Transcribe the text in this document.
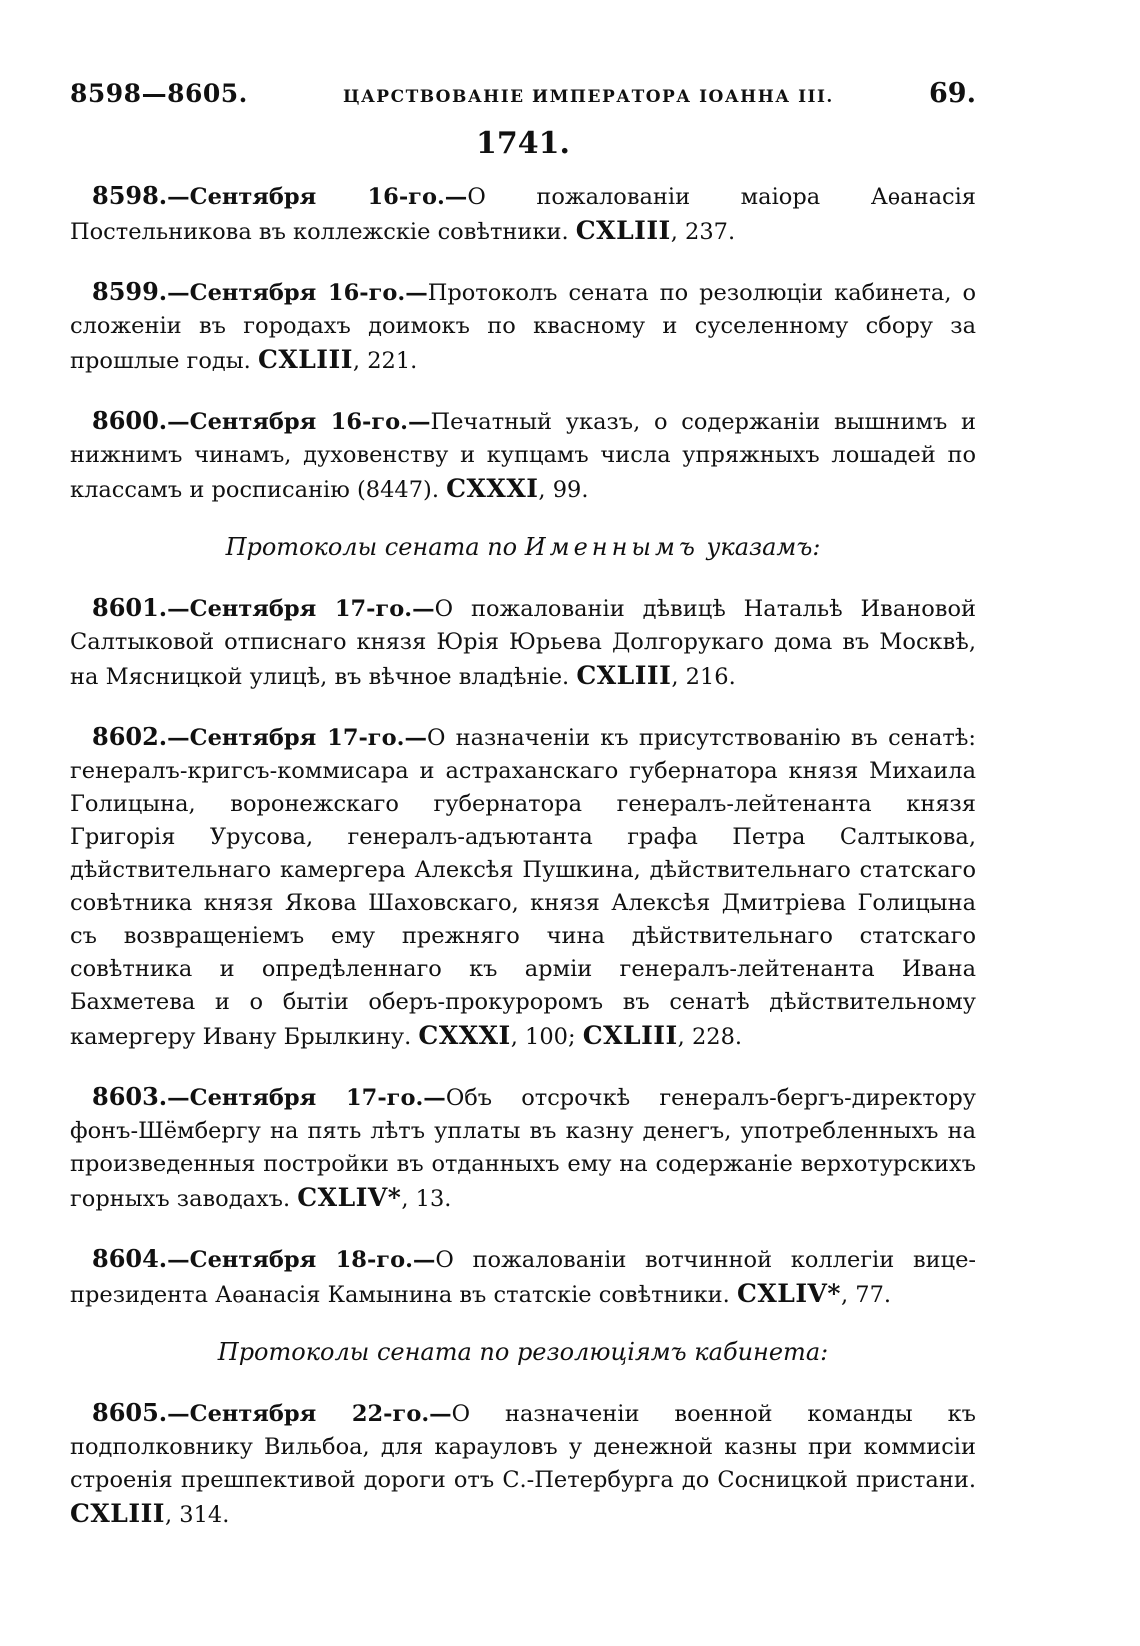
8598—8605.	ЦАРСТВОВАНІЕ ИМПЕРАТОРА ІОАННА III.	69.
1741.

8598.—Сентября 16-го.—О пожалованіи маіора Аѳанасія Постельникова въ коллежскіе совѣтники. CXLIII, 237.

8599.—Сентября 16-го.—Протоколъ сената по резолюціи кабинета, о сложеніи въ городахъ доимокъ по квасному и суселенному сбору за прошлые годы. CXLIII, 221.

8600.—Сентября 16-го.—Печатный указъ, о содержаніи вышнимъ и нижнимъ чинамъ, духовенству и купцамъ числа упряжныхъ лошадей по классамъ и росписанію (8447). CXXXI, 99.

Протоколы сената по Именнымъ указамъ:

8601.—Сентября 17-го.—О пожалованіи дѣвицѣ Натальѣ Ивановой Салтыковой отписнаго князя Юрія Юрьева Долгорукаго дома въ Москвѣ, на Мясницкой улицѣ, въ вѣчное владѣніе. CXLIII, 216.

8602.—Сентября 17-го.—О назначеніи къ присутствованію въ сенатѣ: генералъ-кригсъ-коммисара и астраханскаго губернатора князя Михаила Голицына, воронежскаго губернатора генералъ-лейтенанта князя Григорія Урусова, генералъ-адъютанта графа Петра Салтыкова, дѣйствительнаго камергера Алексѣя Пушкина, дѣйствительнаго статскаго совѣтника князя Якова Шаховскаго, князя Алексѣя Дмитріева Голицына съ возвращеніемъ ему прежняго чина дѣйствительнаго статскаго совѣтника и опредѣленнаго къ арміи генералъ-лейтенанта Ивана Бахметева и о бытіи оберъ-прокуроромъ въ сенатѣ дѣйствительному камергеру Ивану Брылкину. CXXXI, 100; CXLIII, 228.

8603.—Сентября 17-го.—Объ отсрочкѣ генералъ-бергъ-директору фонъ-Шёмбергу на пять лѣтъ уплаты въ казну денегъ, употребленныхъ на произведенныя постройки въ отданныхъ ему на содержаніе верхотурскихъ горныхъ заводахъ. CXLIV*, 13.

8604.—Сентября 18-го.—О пожалованіи вотчинной коллегіи вице-президента Аѳанасія Камынина въ статскіе совѣтники. CXLIV*, 77.

Протоколы сената по резолюціямъ кабинета:

8605.—Сентября 22-го.—О назначеніи военной команды къ подполковнику Вильбоа, для карауловъ у денежной казны при коммисіи строенія прешпективой дороги отъ С.-Петербурга до Сосницкой пристани. CXLIII, 314.
